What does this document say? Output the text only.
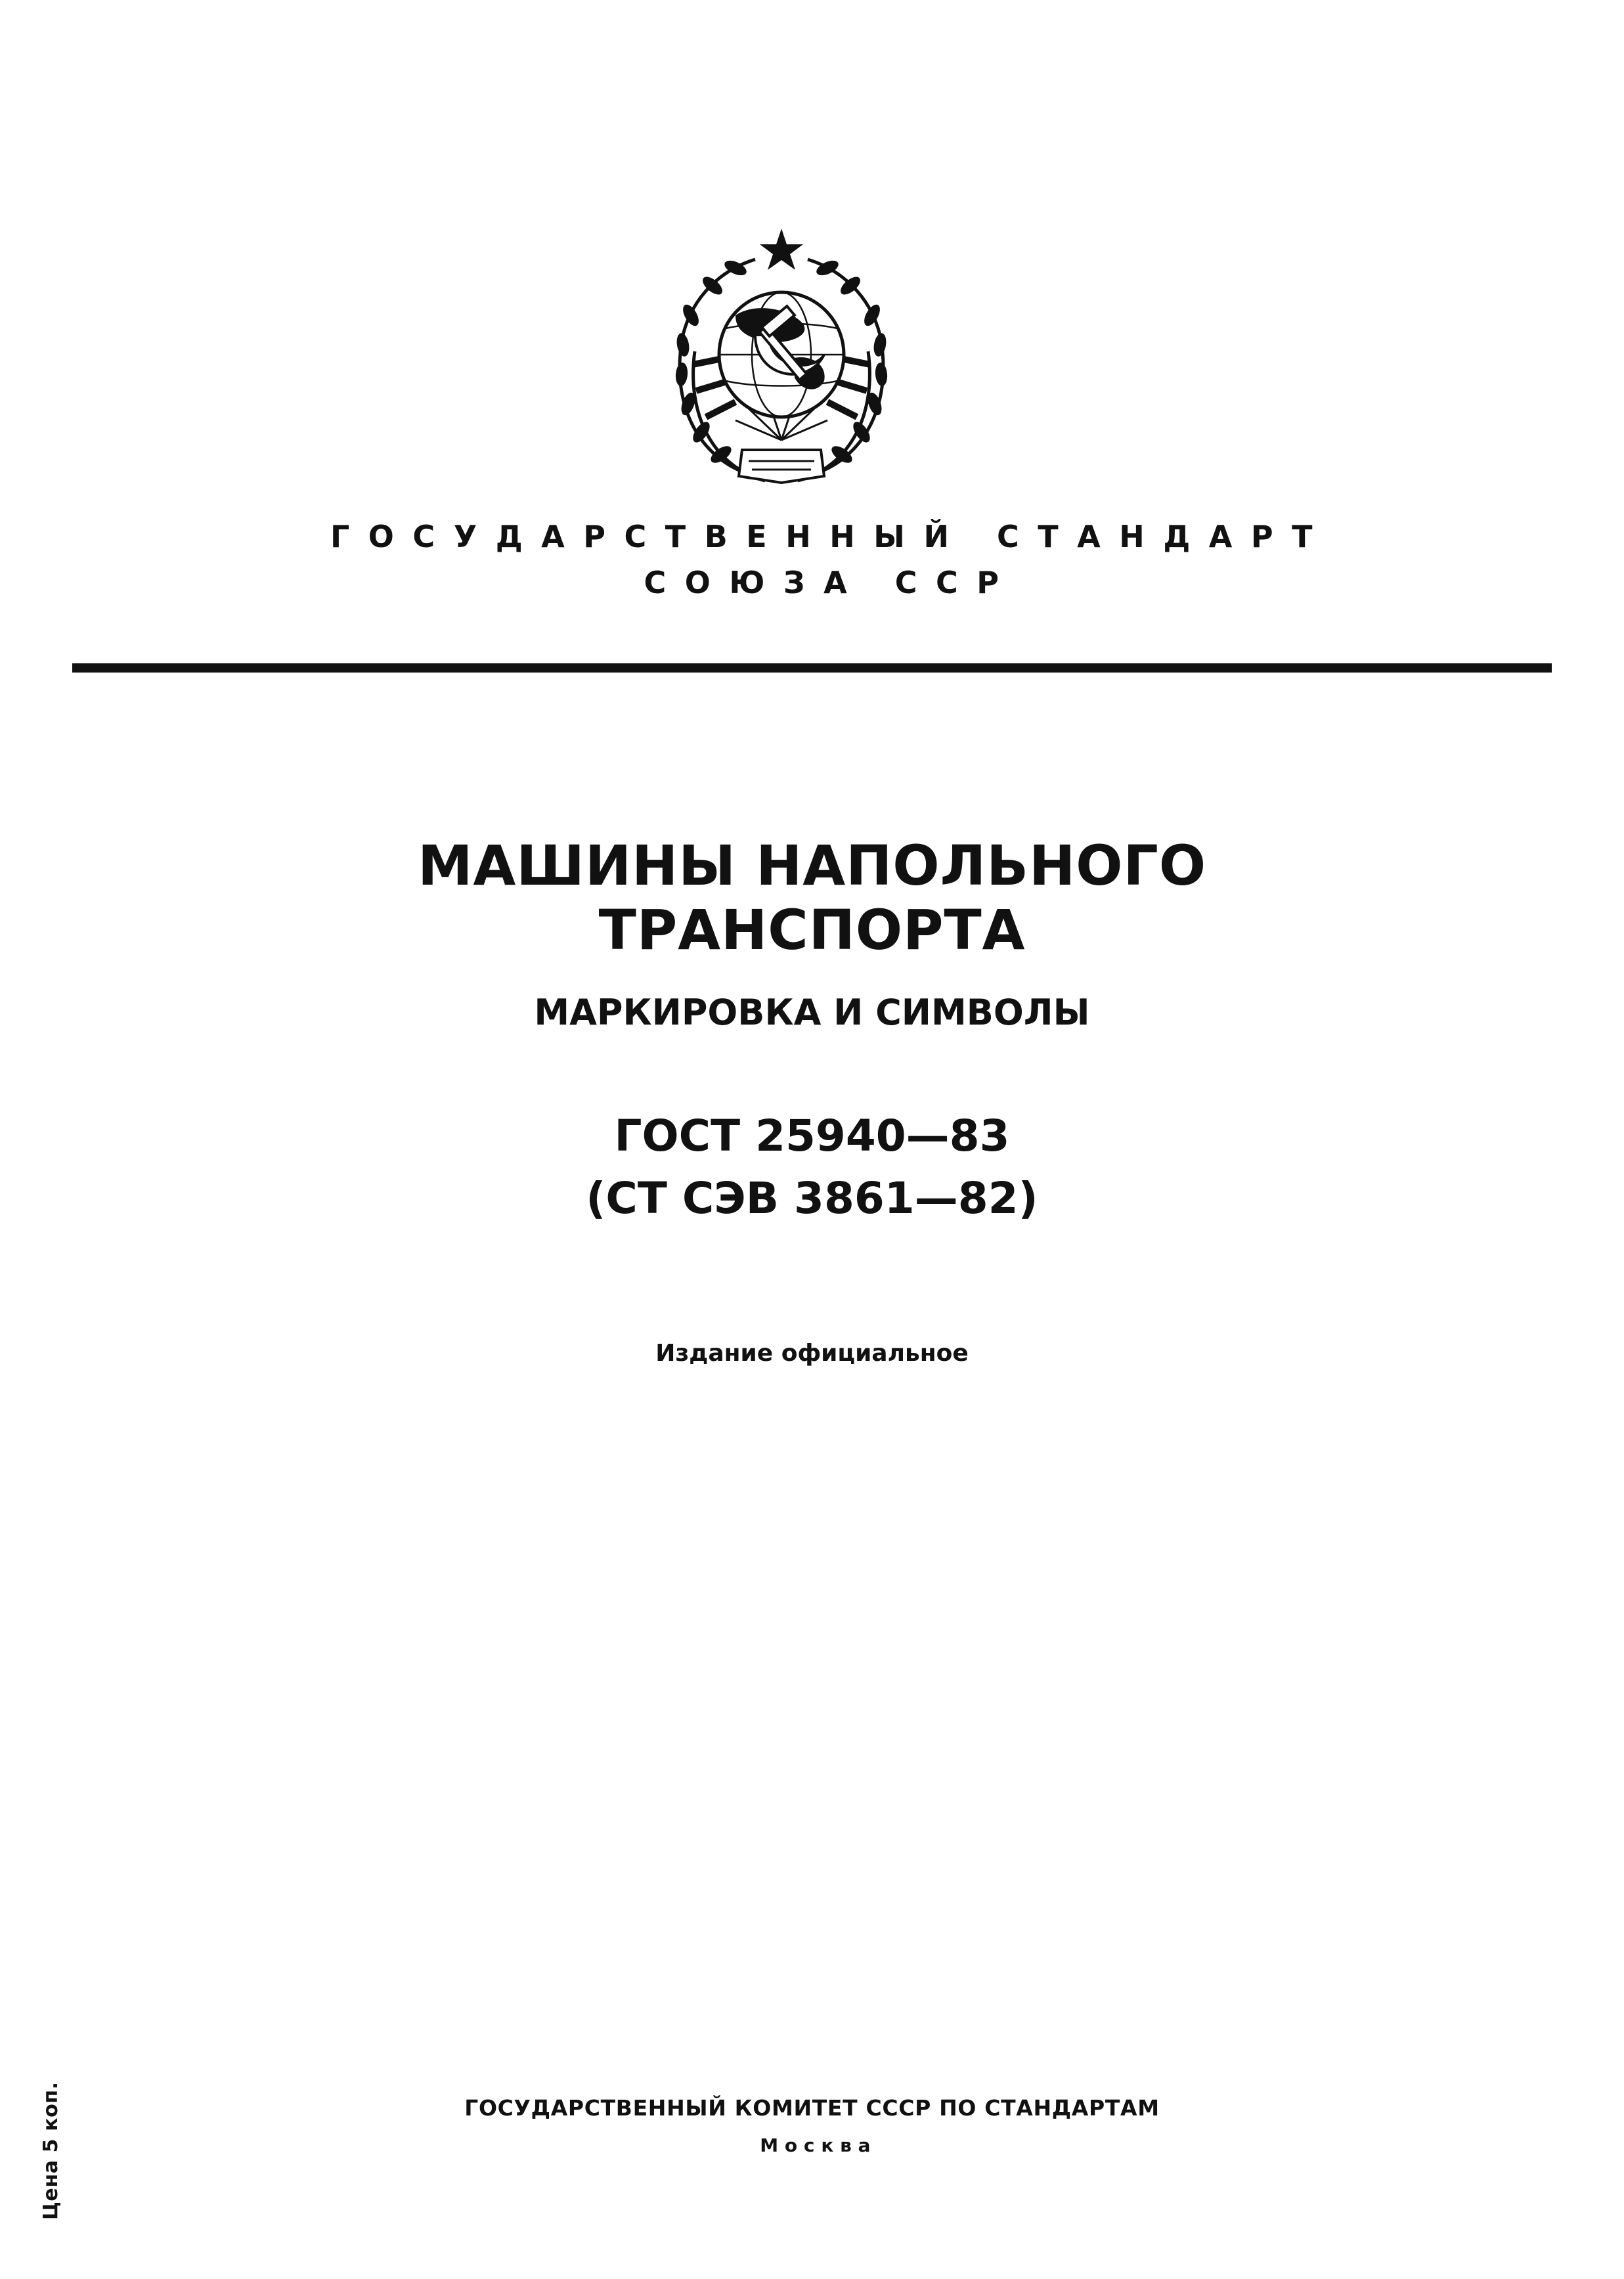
ГОСУДАРСТВЕННЫЙ СТАНДАРТ
СОЮЗА ССР
МАШИНЫ НАПОЛЬНОГО
ТРАНСПОРТА
МАРКИРОВКА И СИМВОЛЫ
ГОСТ 25940—83
(СТ СЭВ 3861—82)
Издание официальное
Цена 5 коп.	ГОСУДАРСТВЕННЫЙ КОМИТЕТ СССР ПО СТАНДАРТАМ
Москва
